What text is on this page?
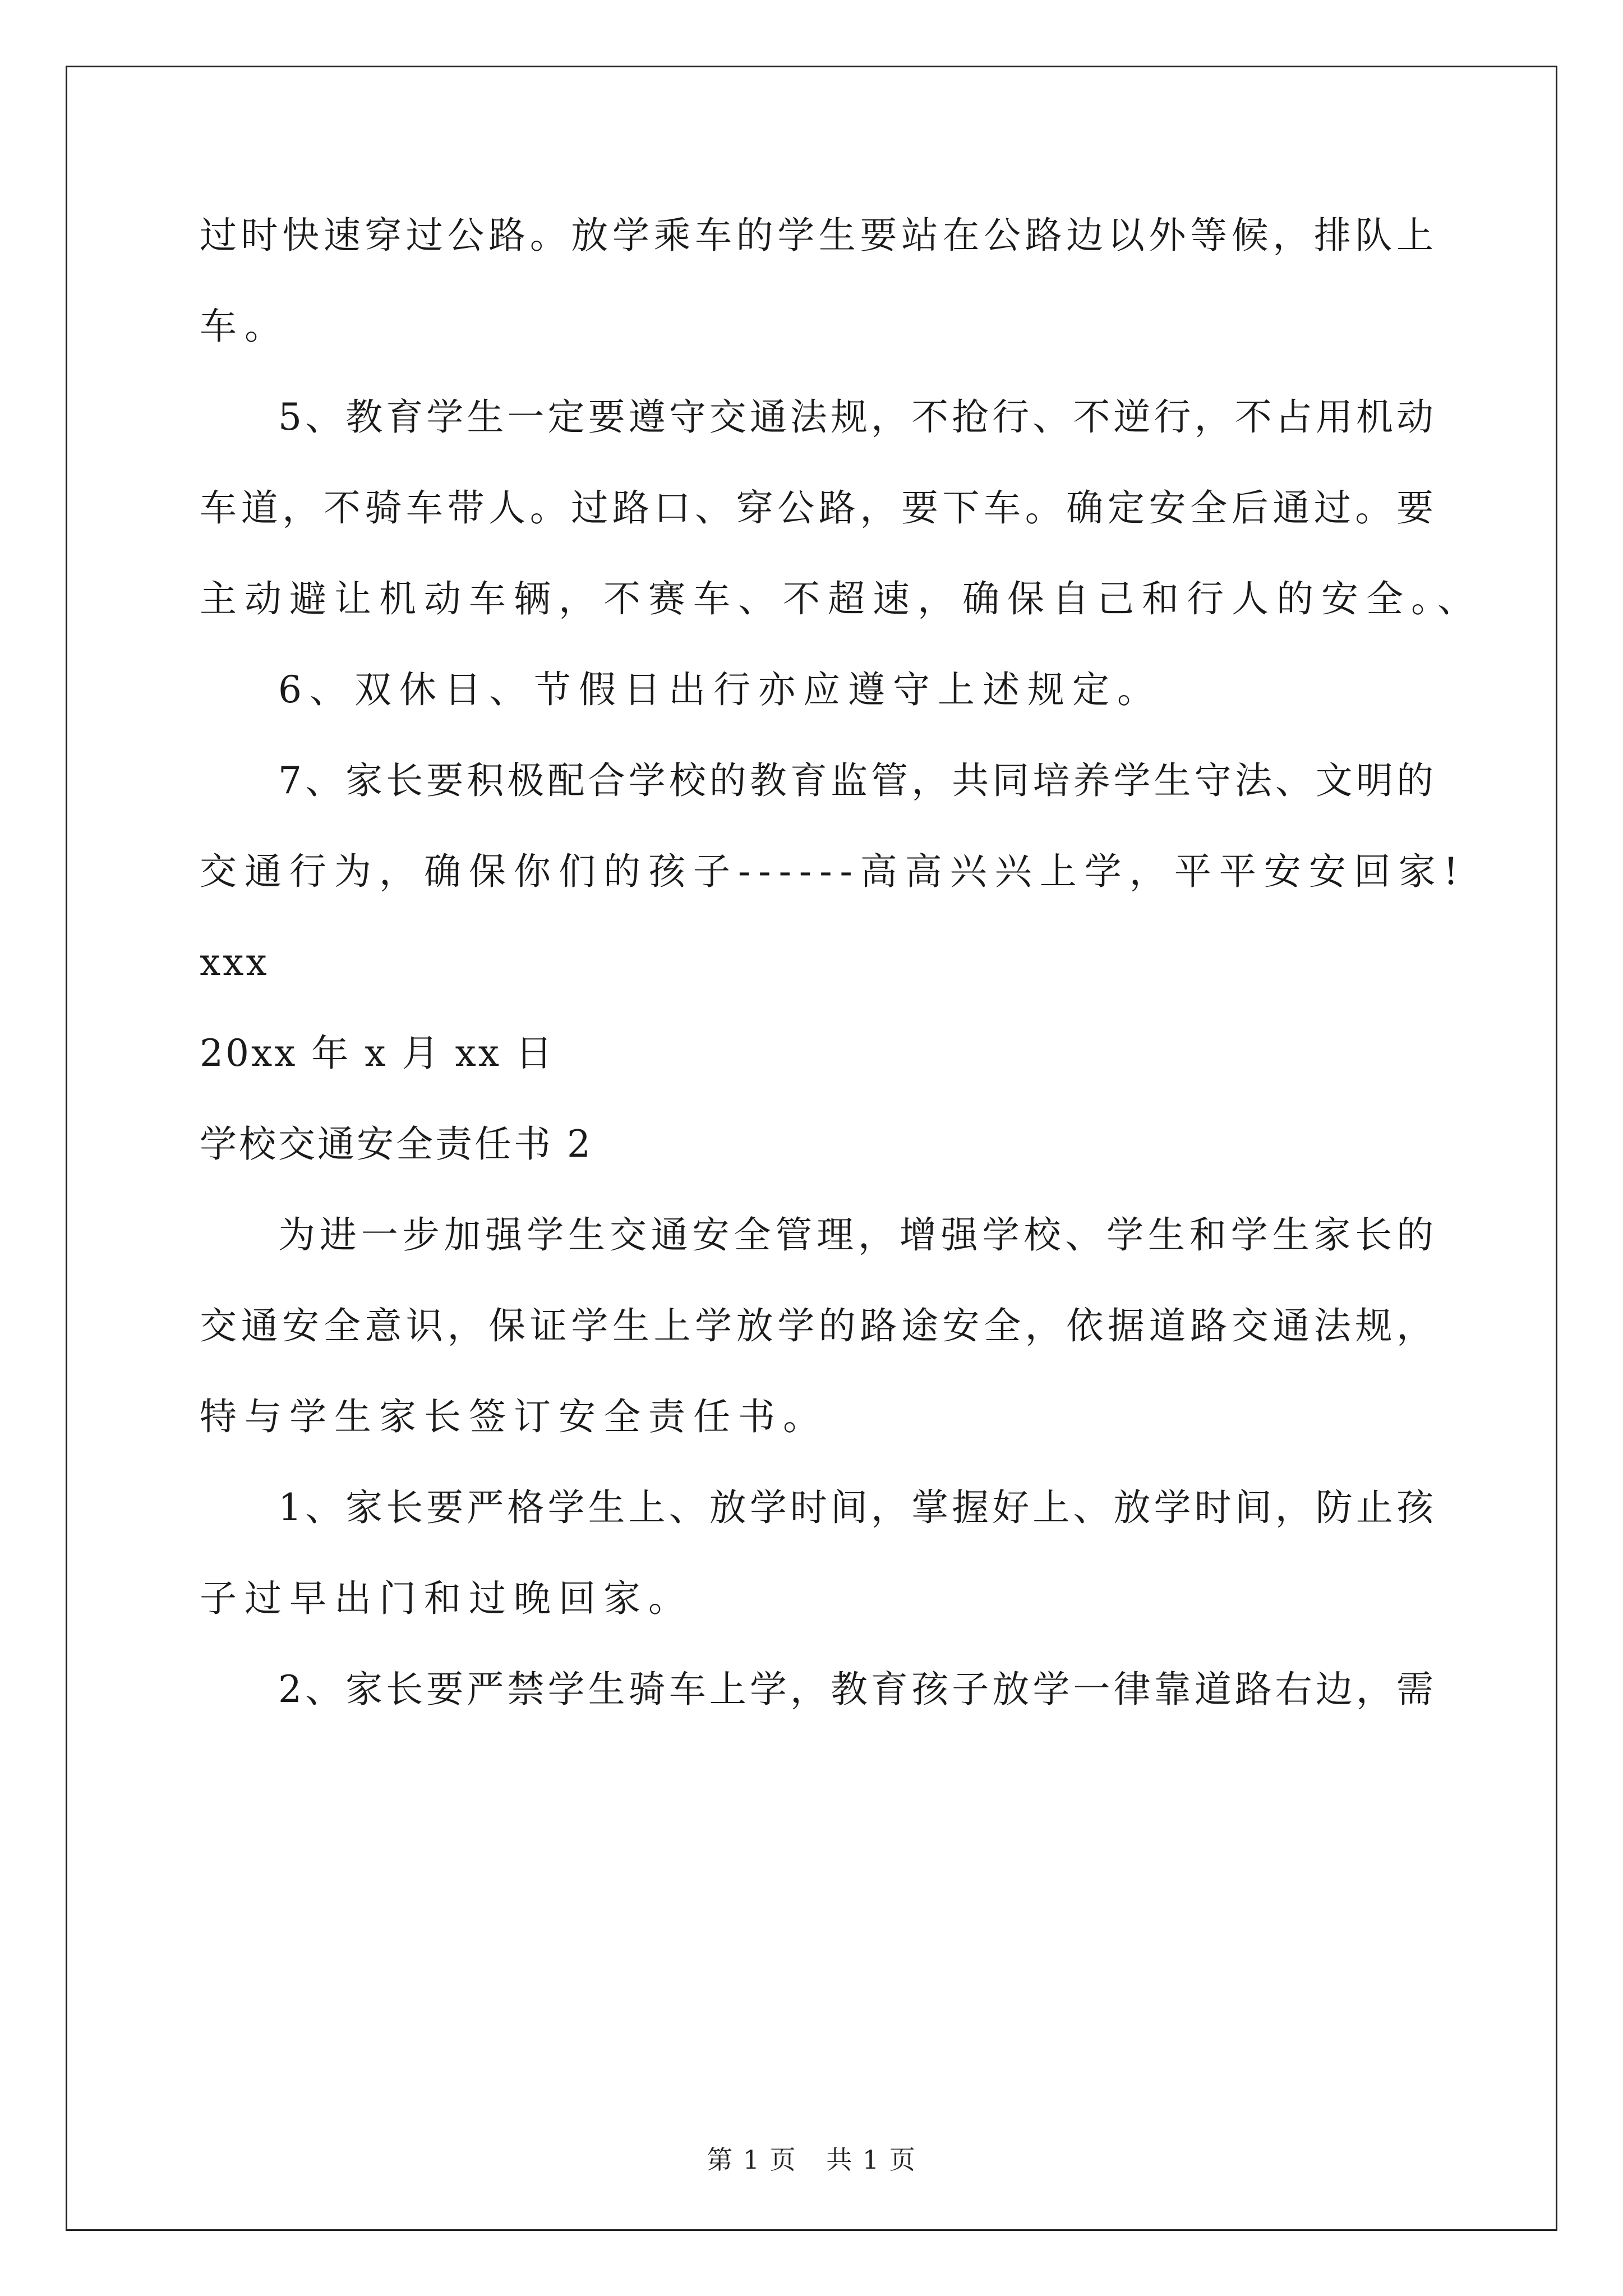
过时快速穿过公路。放学乘车的学生要站在公路边以外等候，排队上
车。
5、教育学生一定要遵守交通法规，不抢行、不逆行，不占用机动
车道，不骑车带人。过路口、穿公路，要下车。确定安全后通过。要
主动避让机动车辆，不赛车、不超速，确保自己和行人的安全。、
6、双休日、节假日出行亦应遵守上述规定。
7、家长要积极配合学校的教育监管，共同培养学生守法、文明的
交通行为，确保你们的孩子------高高兴兴上学，平平安安回家!
xxx
20xx 年 x 月 xx 日
学校交通安全责任书 2
为进一步加强学生交通安全管理，增强学校、学生和学生家长的
交通安全意识，保证学生上学放学的路途安全，依据道路交通法规，
特与学生家长签订安全责任书。
1、家长要严格学生上、放学时间，掌握好上、放学时间，防止孩
子过早出门和过晚回家。
2、家长要严禁学生骑车上学，教育孩子放学一律靠道路右边，需
第 1 页 共 1 页
